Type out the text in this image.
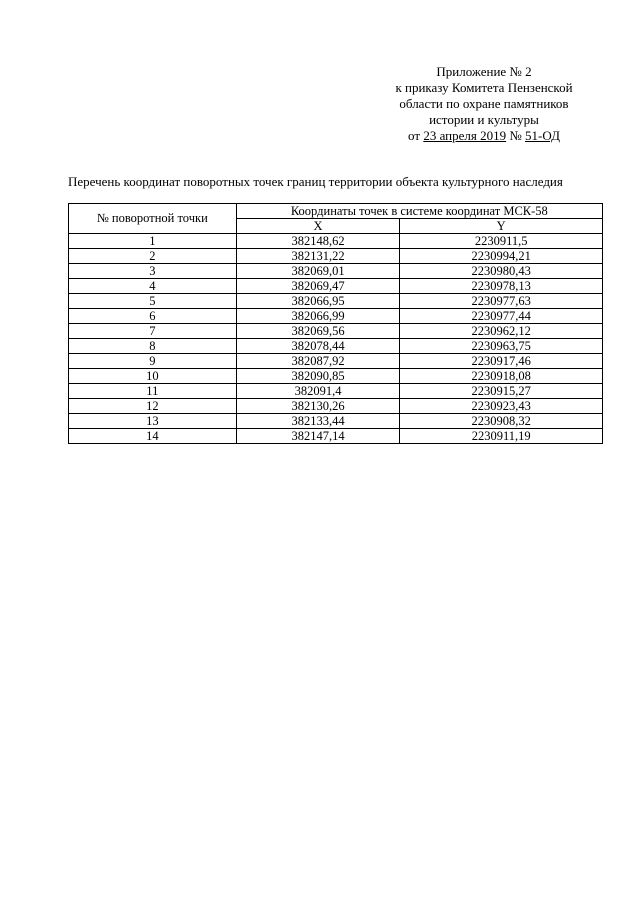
Приложение № 2
к приказу Комитета Пензенской
области по охране памятников
истории и культуры
от 23 апреля 2019 № 51-ОД
Перечень координат поворотных точек границ территории объекта культурного наследия
№ поворотной точки	Координаты точек в системе координат МСК-58	
	X	Y
1	382148,62	2230911,5
2	382131,22	2230994,21
3	382069,01	2230980,43
4	382069,47	2230978,13
5	382066,95	2230977,63
6	382066,99	2230977,44
7	382069,56	2230962,12
8	382078,44	2230963,75
9	382087,92	2230917,46
10	382090,85	2230918,08
11	382091,4	2230915,27
12	382130,26	2230923,43
13	382133,44	2230908,32
14	382147,14	2230911,19
